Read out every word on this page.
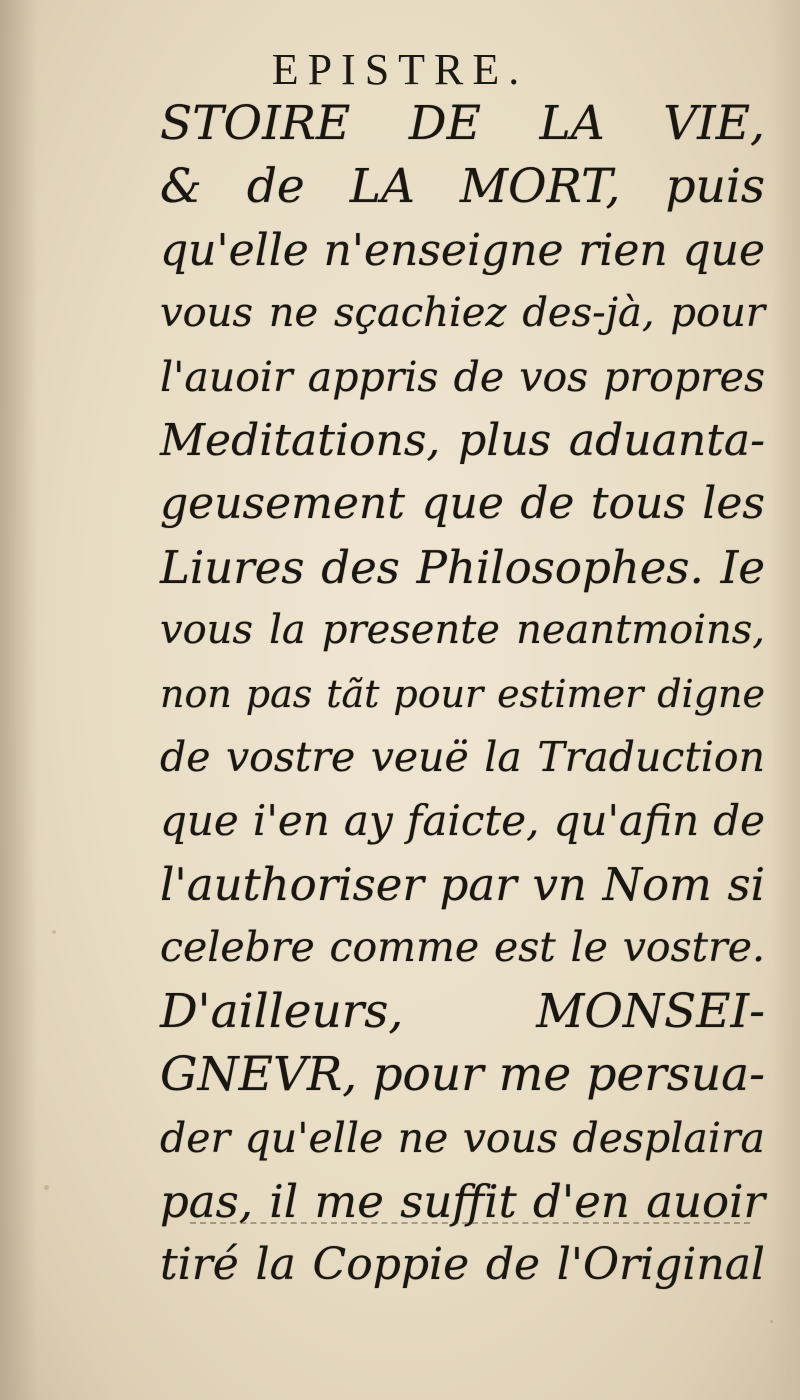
EPISTRE.
STOIRE DE LA VIE,
& de LA MORT, puis
qu'elle n'enseigne rien que
vous ne sçachiez des-jà, pour
l'auoir appris de vos propres
Meditations, plus aduanta-
geusement que de tous les
Liures des Philosophes. Ie
vous la presente neantmoins,
non pas tãt pour estimer digne
de vostre veuë la Traduction
que i'en ay faicte, qu'afin de
l'authoriser par vn Nom si
celebre comme est le vostre.
D'ailleurs, MONSEI-
GNEVR, pour me persua-
der qu'elle ne vous desplaira
pas, il me suffit d'en auoir
tiré la Coppie de l'Original
